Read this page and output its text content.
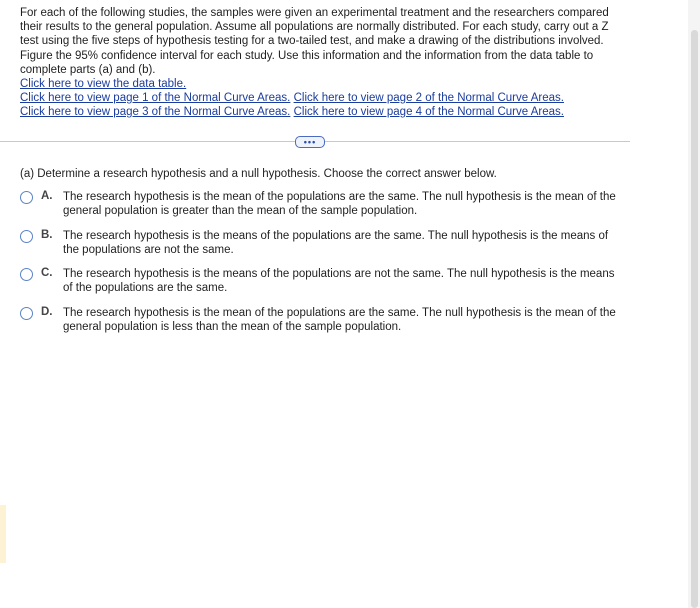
For each of the following studies, the samples were given an experimental treatment and the researchers compared their results to the general population. Assume all populations are normally distributed. For each study, carry out a Z test using the five steps of hypothesis testing for a two-tailed test, and make a drawing of the distributions involved. Figure the 95% confidence interval for each study. Use this information and the information from the data table to complete parts (a) and (b).

Click here to view the data table.
Click here to view page 1 of the Normal Curve Areas. Click here to view page 2 of the Normal Curve Areas.
Click here to view page 3 of the Normal Curve Areas. Click here to view page 4 of the Normal Curve Areas.
•••
(a) Determine a research hypothesis and a null hypothesis. Choose the correct answer below.
A. The research hypothesis is the mean of the populations are the same. The null hypothesis is the mean of the general population is greater than the mean of the sample population.
B. The research hypothesis is the means of the populations are the same. The null hypothesis is the means of the populations are not the same.
C. The research hypothesis is the means of the populations are not the same. The null hypothesis is the means of the populations are the same.
D. The research hypothesis is the mean of the populations are the same. The null hypothesis is the mean of the general population is less than the mean of the sample population.
